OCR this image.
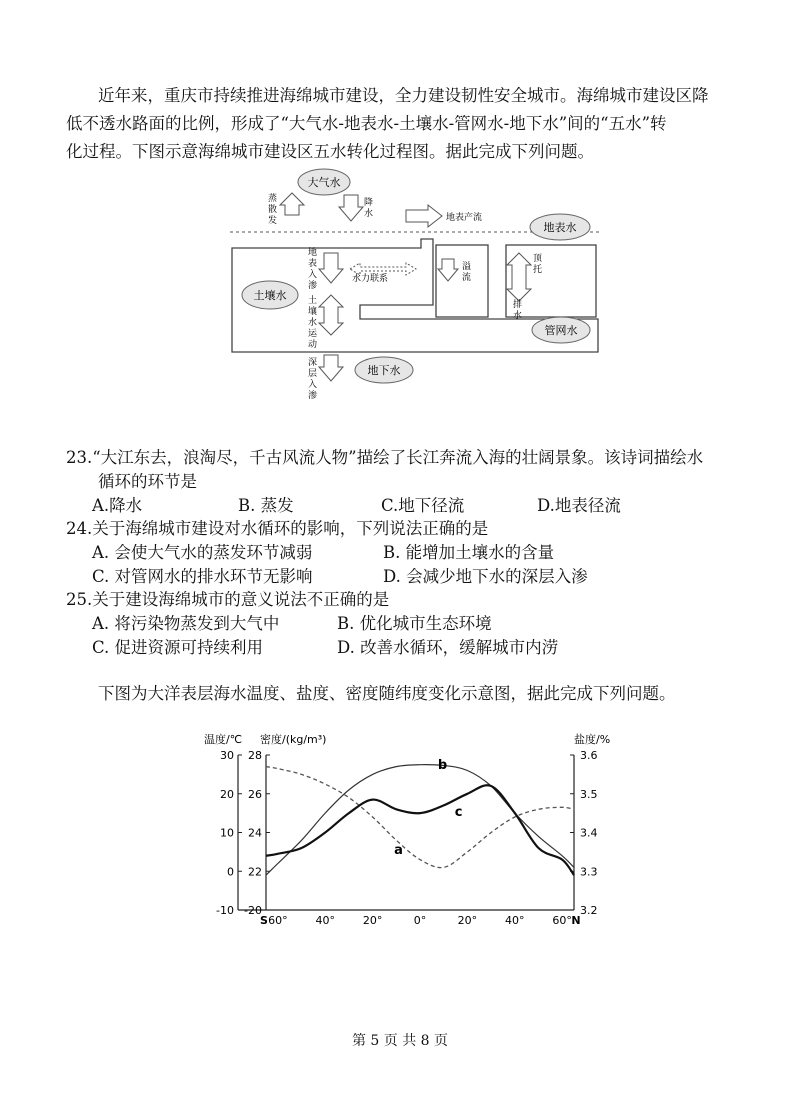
近年来，重庆市持续推进海绵城市建设，全力建设韧性安全城市。海绵城市建设区降
低不透水路面的比例，形成了“大气水-地表水-土壤水-管网水-地下水”间的“五水”转
化过程。下图示意海绵城市建设区五水转化过程图。据此完成下列问题。
大气水
地表水
土壤水
管网水
地下水
蒸
散
发
降
水	地表产流
地
表
入
渗
水力联系
土
壤
水
运
动
深
层
入
渗
溢
流
顶
托
排
水
23.“大江东去，浪淘尽，千古风流人物”描绘了长江奔流入海的壮阔景象。该诗词描绘水
循环的环节是
A.降水	B. 蒸发	C.地下径流	D.地表径流
24.关于海绵城市建设对水循环的影响，下列说法正确的是
A. 会使大气水的蒸发环节减弱	B. 能增加土壤水的含量
C. 对管网水的排水环节无影响	D. 会减少地下水的深层入渗
25.关于建设海绵城市的意义说法不正确的是
A. 将污染物蒸发到大气中	B. 优化城市生态环境
C. 促进资源可持续利用	D. 改善水循环，缓解城市内涝
下图为大洋表层海水温度、盐度、密度随纬度变化示意图，据此完成下列问题。
温度/℃ 密度/(kg/m³)	盐度/%
30 28	3.6
20 26	3.5
10 24	3.4
0 22	3.3
-10 -20	3.2
S 60°	40°	20°	0°	20°	40°	60° N
a
b
c
第 5 页 共 8 页
